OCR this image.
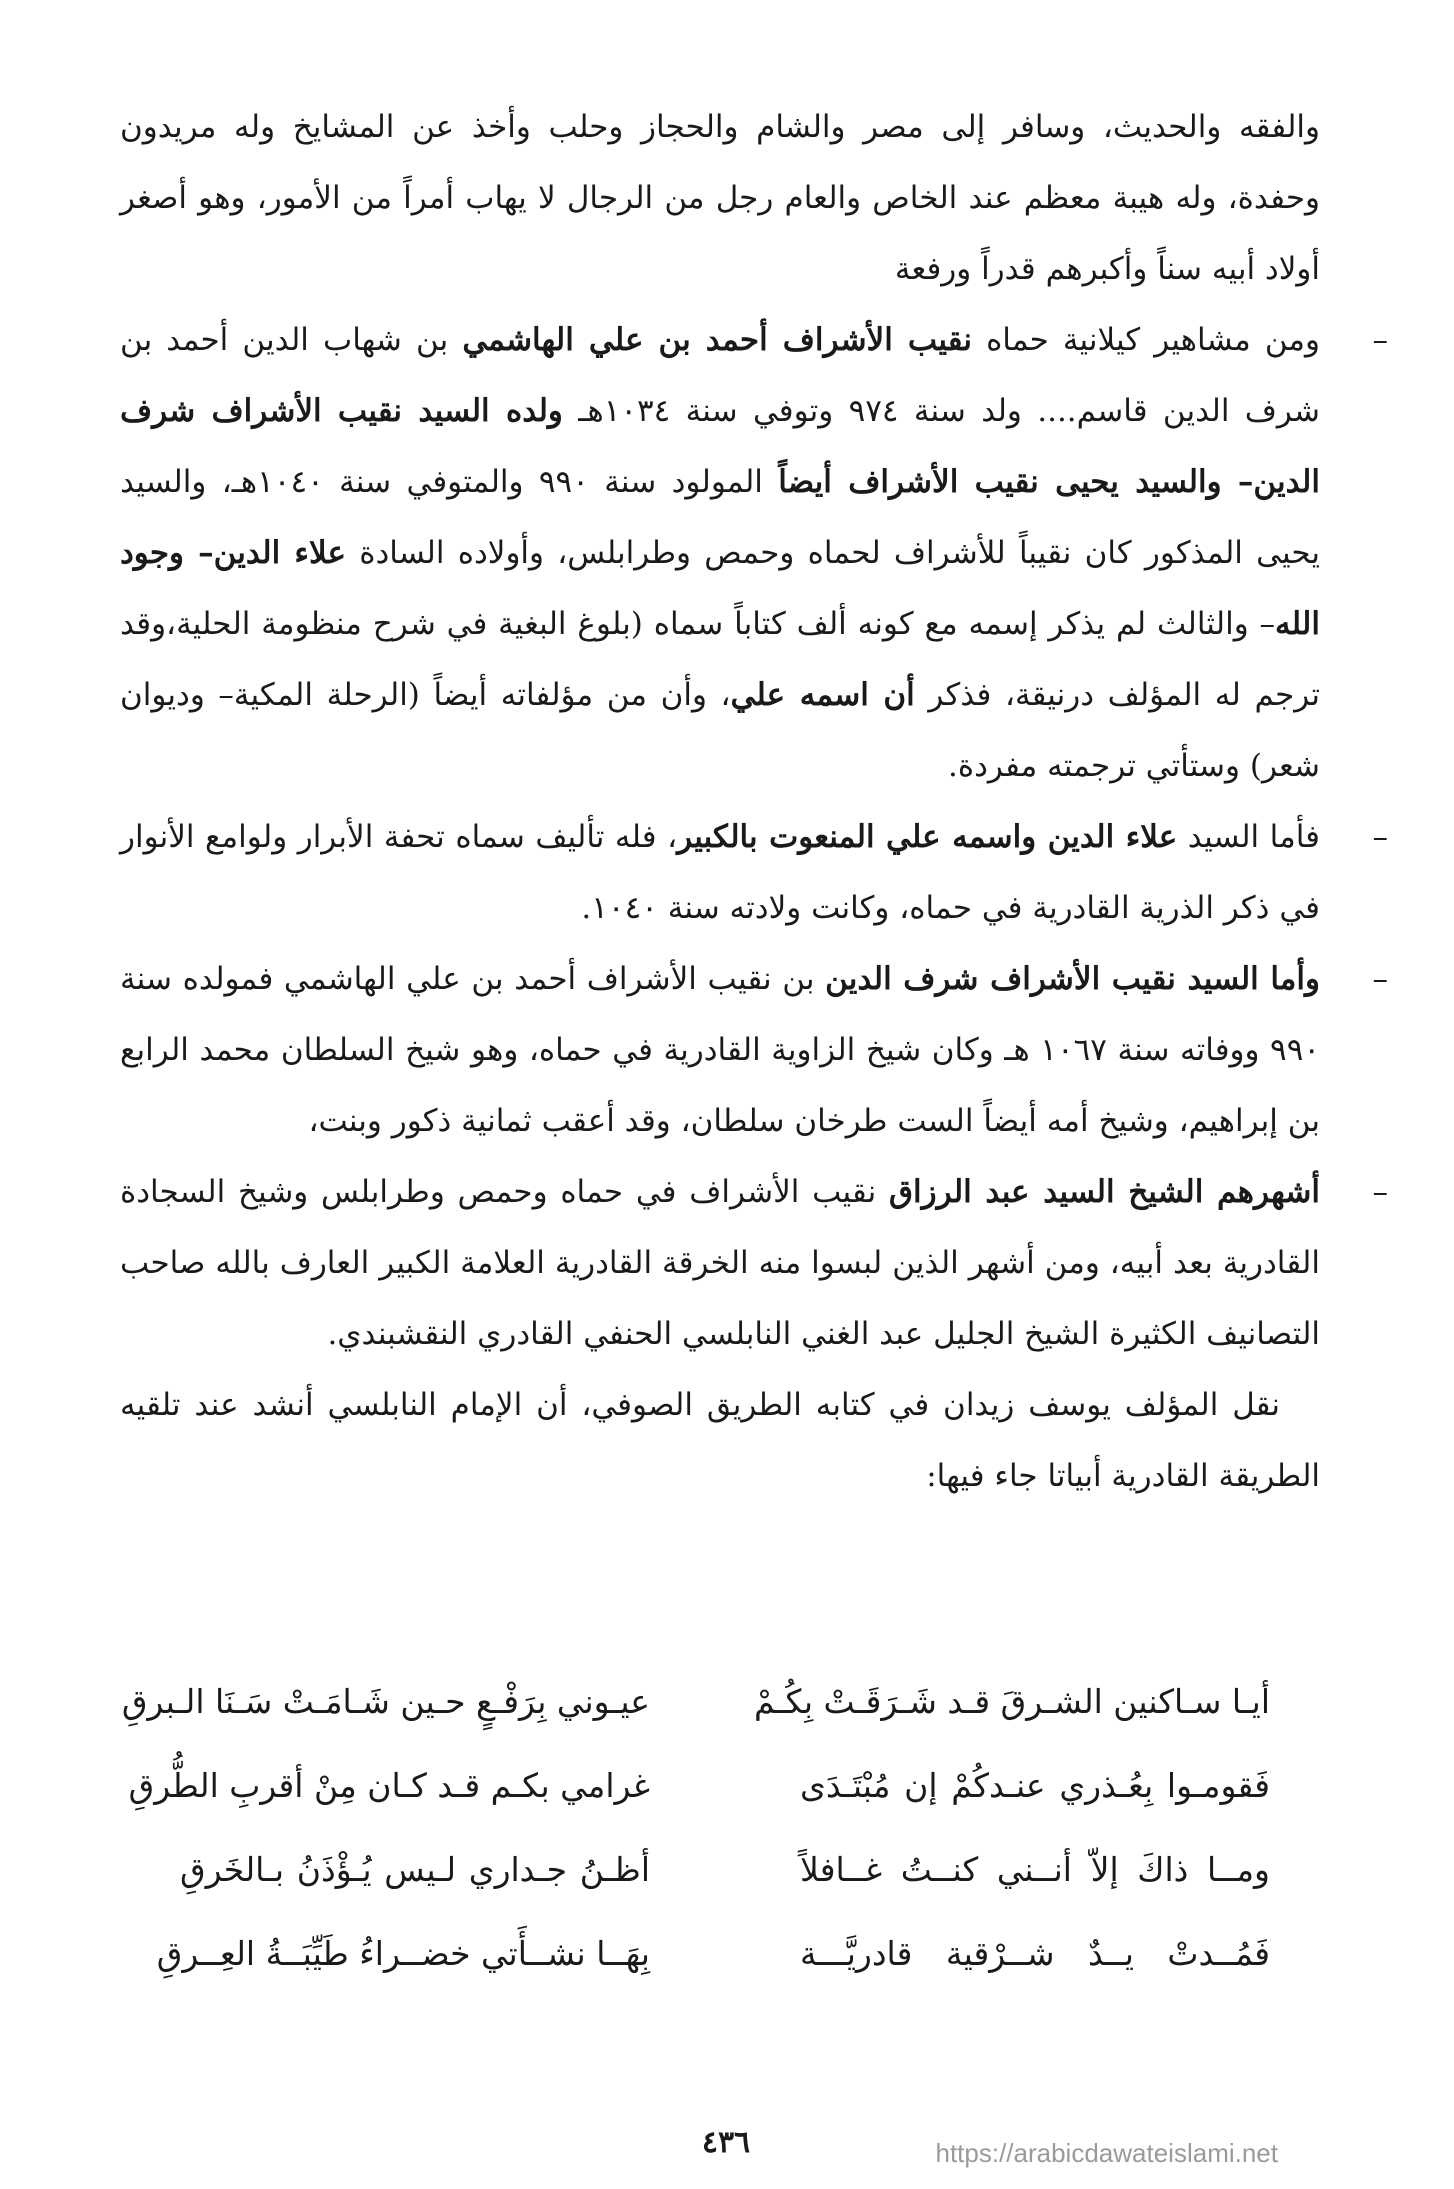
والفقه والحديث، وسافر إلى مصر والشام والحجاز وحلب وأخذ عن المشايخ وله مريدون وحفدة، وله هيبة معظم عند الخاص والعام رجل من الرجال لا يهاب أمراً من الأمور، وهو أصغر أولاد أبيه سناً وأكبرهم قدراً ورفعة

–
ومن مشاهير كيلانية حماه نقيب الأشراف أحمد بن علي الهاشمي بن شهاب الدين أحمد بن شرف الدين قاسم.... ولد سنة ٩٧٤ وتوفي سنة ١٠٣٤هـ ولده السيد نقيب الأشراف شرف الدين– والسيد يحيى نقيب الأشراف أيضاً المولود سنة ٩٩٠ والمتوفي سنة ١٠٤٠هـ، والسيد يحيى المذكور كان نقيباً للأشراف لحماه وحمص وطرابلس، وأولاده السادة علاء الدين– وجود الله– والثالث لم يذكر إسمه مع كونه ألف كتاباً سماه (بلوغ البغية في شرح منظومة الحلية،وقد ترجم له المؤلف درنيقة، فذكر أن اسمه علي، وأن من مؤلفاته أيضاً (الرحلة المكية– وديوان شعر) وستأتي ترجمته مفردة.

–
فأما السيد علاء الدين واسمه علي المنعوت بالكبير، فله تأليف سماه تحفة الأبرار ولوامع الأنوار في ذكر الذرية القادرية في حماه، وكانت ولادته سنة ١٠٤٠.

–
وأما السيد نقيب الأشراف شرف الدين بن نقيب الأشراف أحمد بن علي الهاشمي فمولده سنة ٩٩٠ ووفاته سنة ١٠٦٧ هـ وكان شيخ الزاوية القادرية في حماه، وهو شيخ السلطان محمد الرابع بن إبراهيم، وشيخ أمه أيضاً الست طرخان سلطان، وقد أعقب ثمانية ذكور وبنت،

–
أشهرهم الشيخ السيد عبد الرزاق نقيب الأشراف في حماه وحمص وطرابلس وشيخ السجادة القادرية بعد أبيه، ومن أشهر الذين لبسوا منه الخرقة القادرية العلامة الكبير العارف بالله صاحب التصانيف الكثيرة الشيخ الجليل عبد الغني النابلسي الحنفي القادري النقشبندي.

نقل المؤلف يوسف زيدان في كتابه الطريق الصوفي، أن الإمام النابلسي أنشد عند تلقيه الطريقة القادرية أبياتا جاء فيها:

أيـا سـاكنين الشـرقَ قـد شَـرَقَـتْ بِكُـمْ
عيـوني بِرَفْـعٍ حـين شَـامَـتْ سَـنَا الـبرقِ
فَقومـوا بِعُـذري عنـدكُمْ إن مُبْتَـدَى
غرامي بكـم قـد كـان مِنْ أقربِ الطُّرقِ
ومــا ذاكَ إلاّ أنــني كنــتُ غــافلاً
أظـنُ جـداري لـيس يُـؤْذَنُ بـالخَرقِ
فَمُــدتْ يــدٌ شــرْقية قادريَّـــة
بِهَــا نشــأَتي خضــراءُ طَيِّبَــةُ العِــرقِ
٤٣٦	https://arabicdawateislami.net
